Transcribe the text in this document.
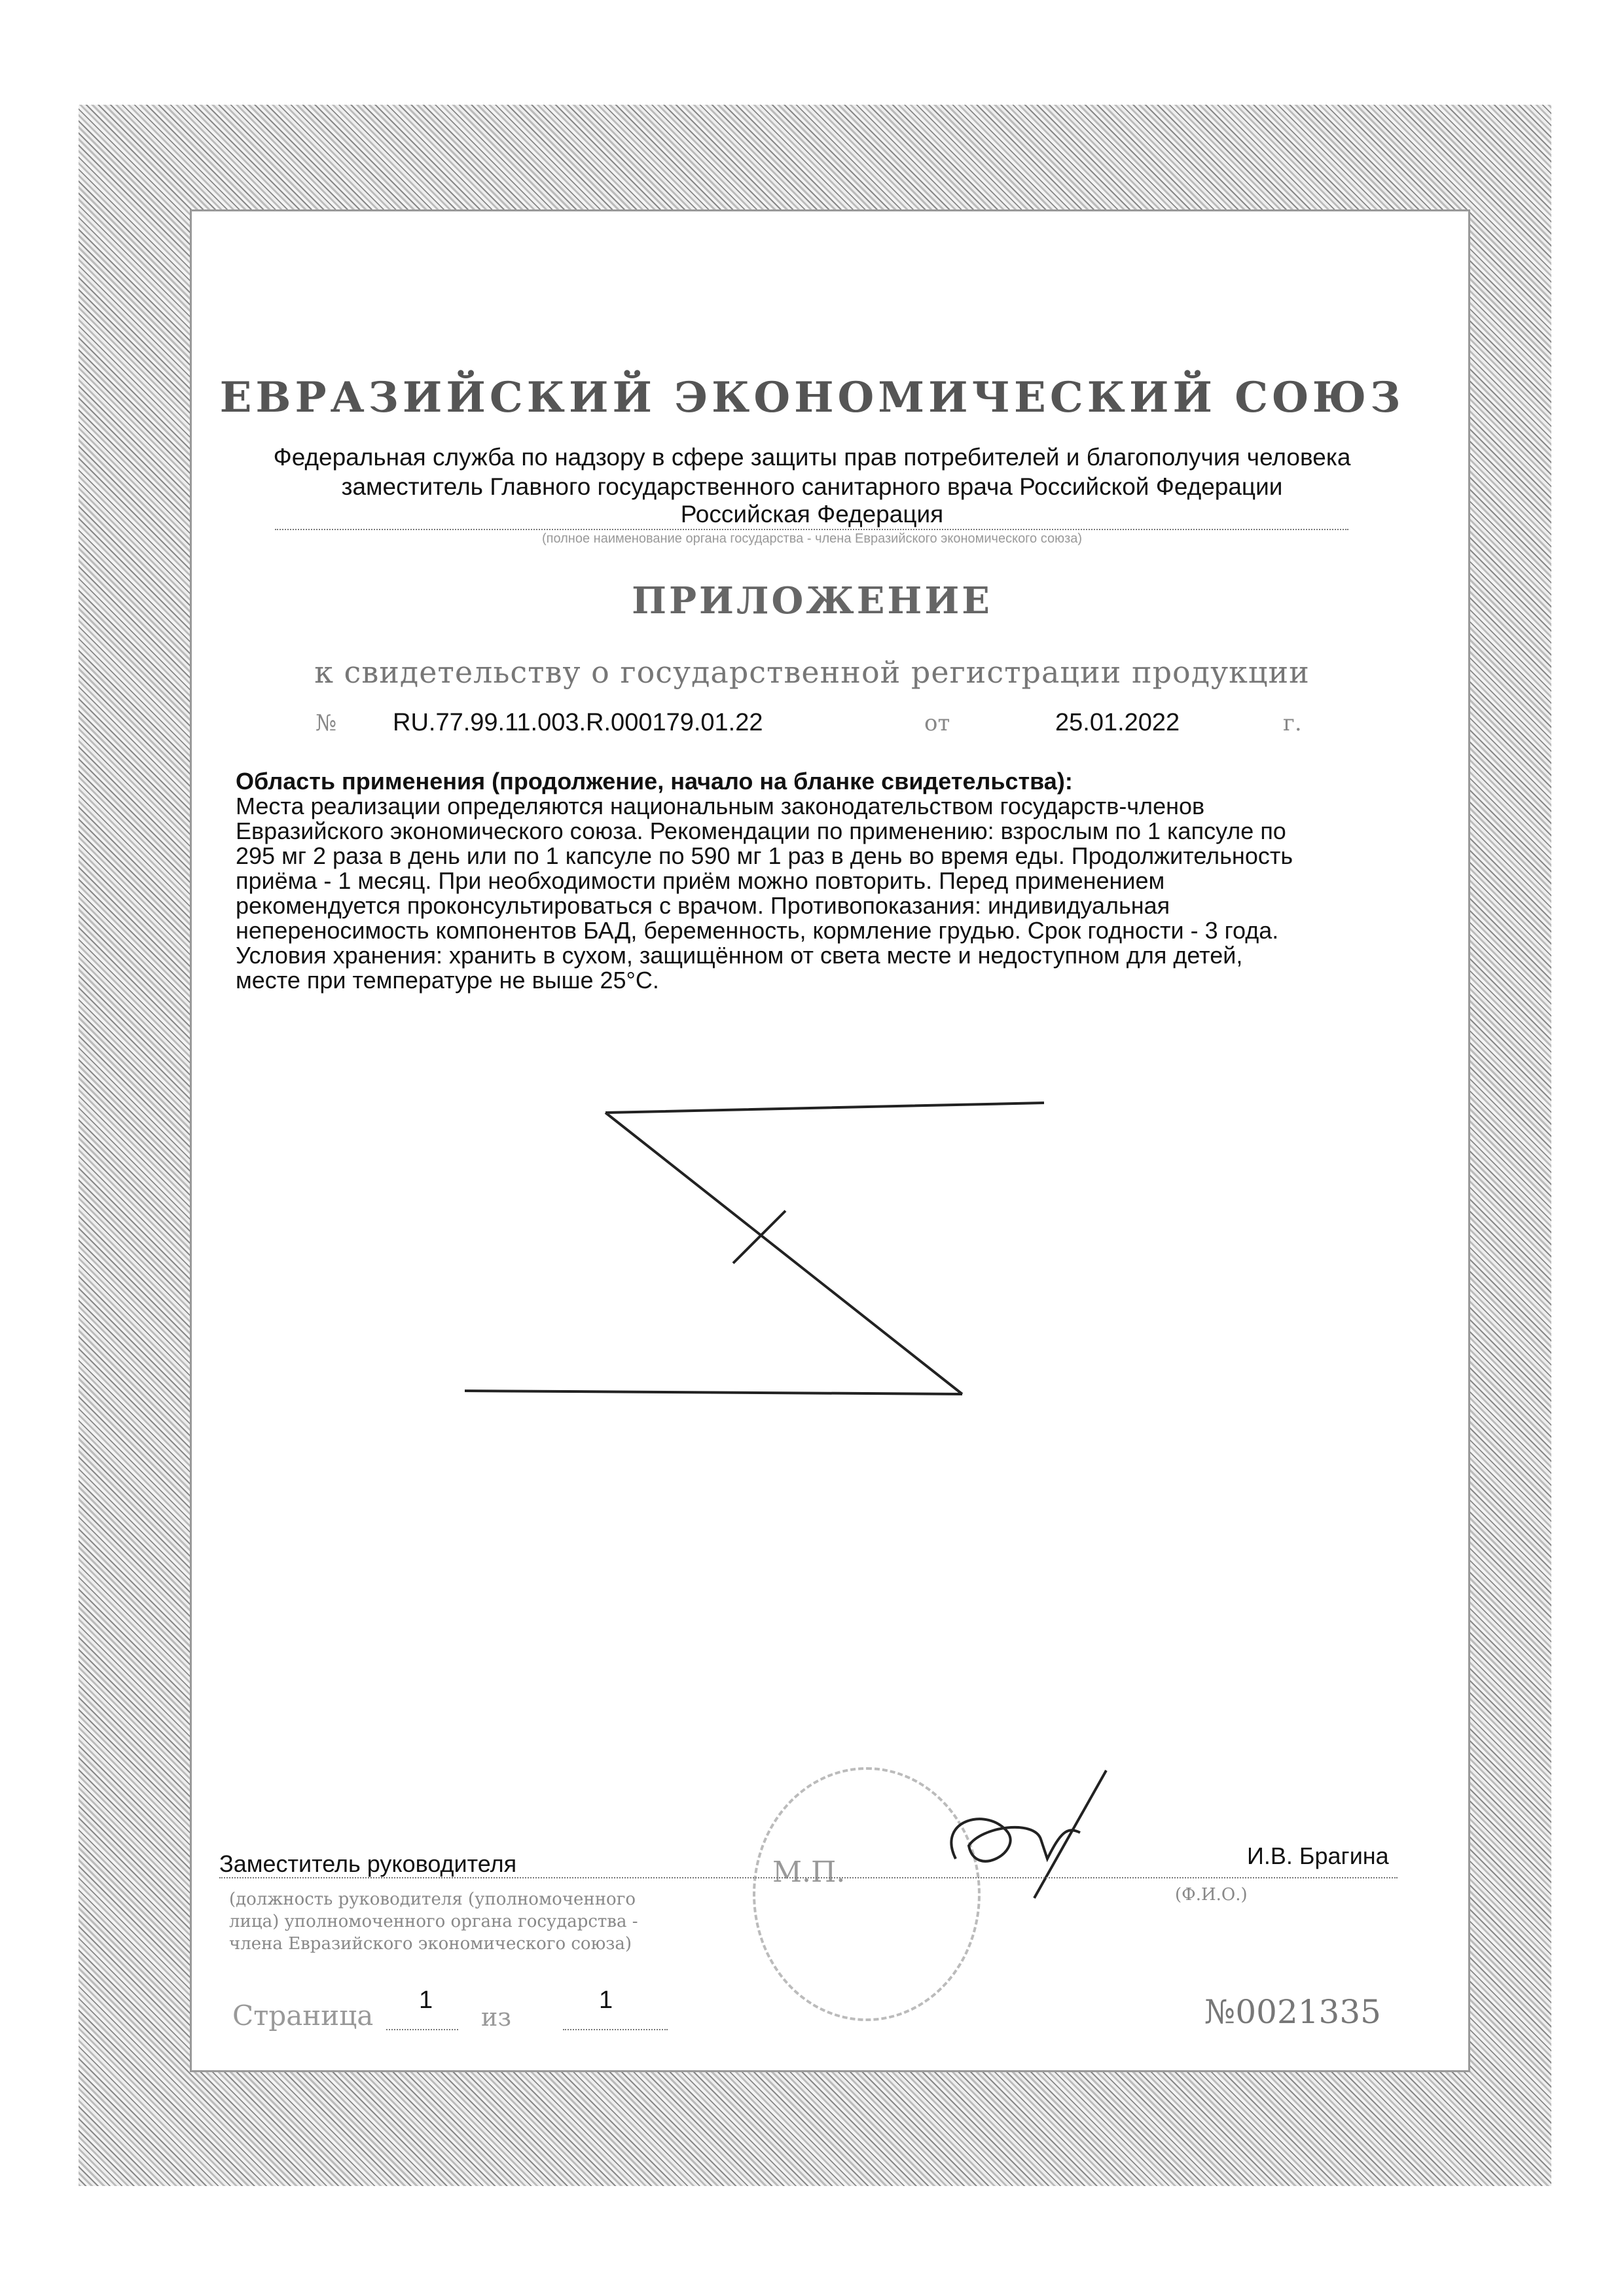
ЕВРАЗИЙСКИЙ ЭКОНОМИЧЕСКИЙ СОЮЗ
Федеральная служба по надзору в сфере защиты прав потребителей и благополучия человека
заместитель Главного государственного санитарного врача Российской Федерации
Российская Федерация
(полное наименование органа государства - члена Евразийского экономического союза)
ПРИЛОЖЕНИЕ
к свидетельству о государственной регистрации продукции
№ RU.77.99.11.003.R.000179.01.22	от	25.01.2022	г.
Область применения (продолжение, начало на бланке свидетельства):
Места реализации определяются национальным законодательством государств-членов
Евразийского экономического союза. Рекомендации по применению: взрослым по 1 капсуле по
295 мг 2 раза в день или по 1 капсуле по 590 мг 1 раз в день во время еды. Продолжительность
приёма - 1 месяц. При необходимости приём можно повторить. Перед применением
рекомендуется проконсультироваться с врачом. Противопоказания: индивидуальная
непереносимость компонентов БАД, беременность, кормление грудью. Срок годности - 3 года.
Условия хранения: хранить в сухом, защищённом от света месте и недоступном для детей,
месте при температуре не выше 25°С.
М.П.
Заместитель руководителя	И.В. Брагина
(должность руководителя (уполномоченного
лица) уполномоченного органа государства -
члена Евразийского экономического союза)
(Ф.И.О.)
Страница 1
из
1	№0021335
